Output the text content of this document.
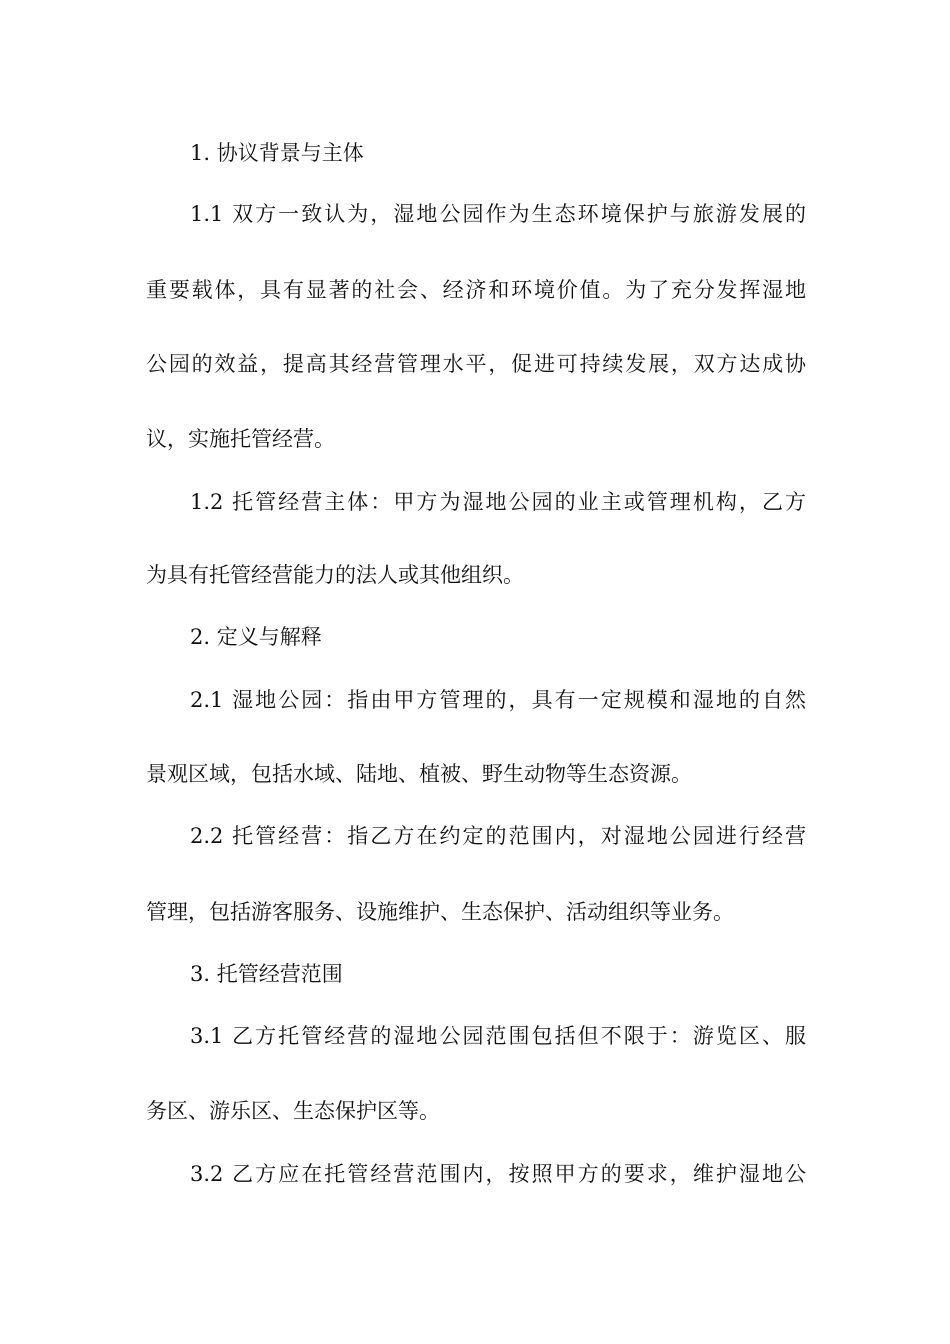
1. 协议背景与主体
1.1 双方一致认为，湿地公园作为生态环境保护与旅游发展的
重要载体，具有显著的社会、经济和环境价值。为了充分发挥湿地
公园的效益，提高其经营管理水平，促进可持续发展，双方达成协
议，实施托管经营。
1.2 托管经营主体：甲方为湿地公园的业主或管理机构，乙方
为具有托管经营能力的法人或其他组织。
2. 定义与解释
2.1 湿地公园：指由甲方管理的，具有一定规模和湿地的自然
景观区域，包括水域、陆地、植被、野生动物等生态资源。
2.2 托管经营：指乙方在约定的范围内，对湿地公园进行经营
管理，包括游客服务、设施维护、生态保护、活动组织等业务。
3. 托管经营范围
3.1 乙方托管经营的湿地公园范围包括但不限于：游览区、服
务区、游乐区、生态保护区等。
3.2 乙方应在托管经营范围内，按照甲方的要求，维护湿地公
